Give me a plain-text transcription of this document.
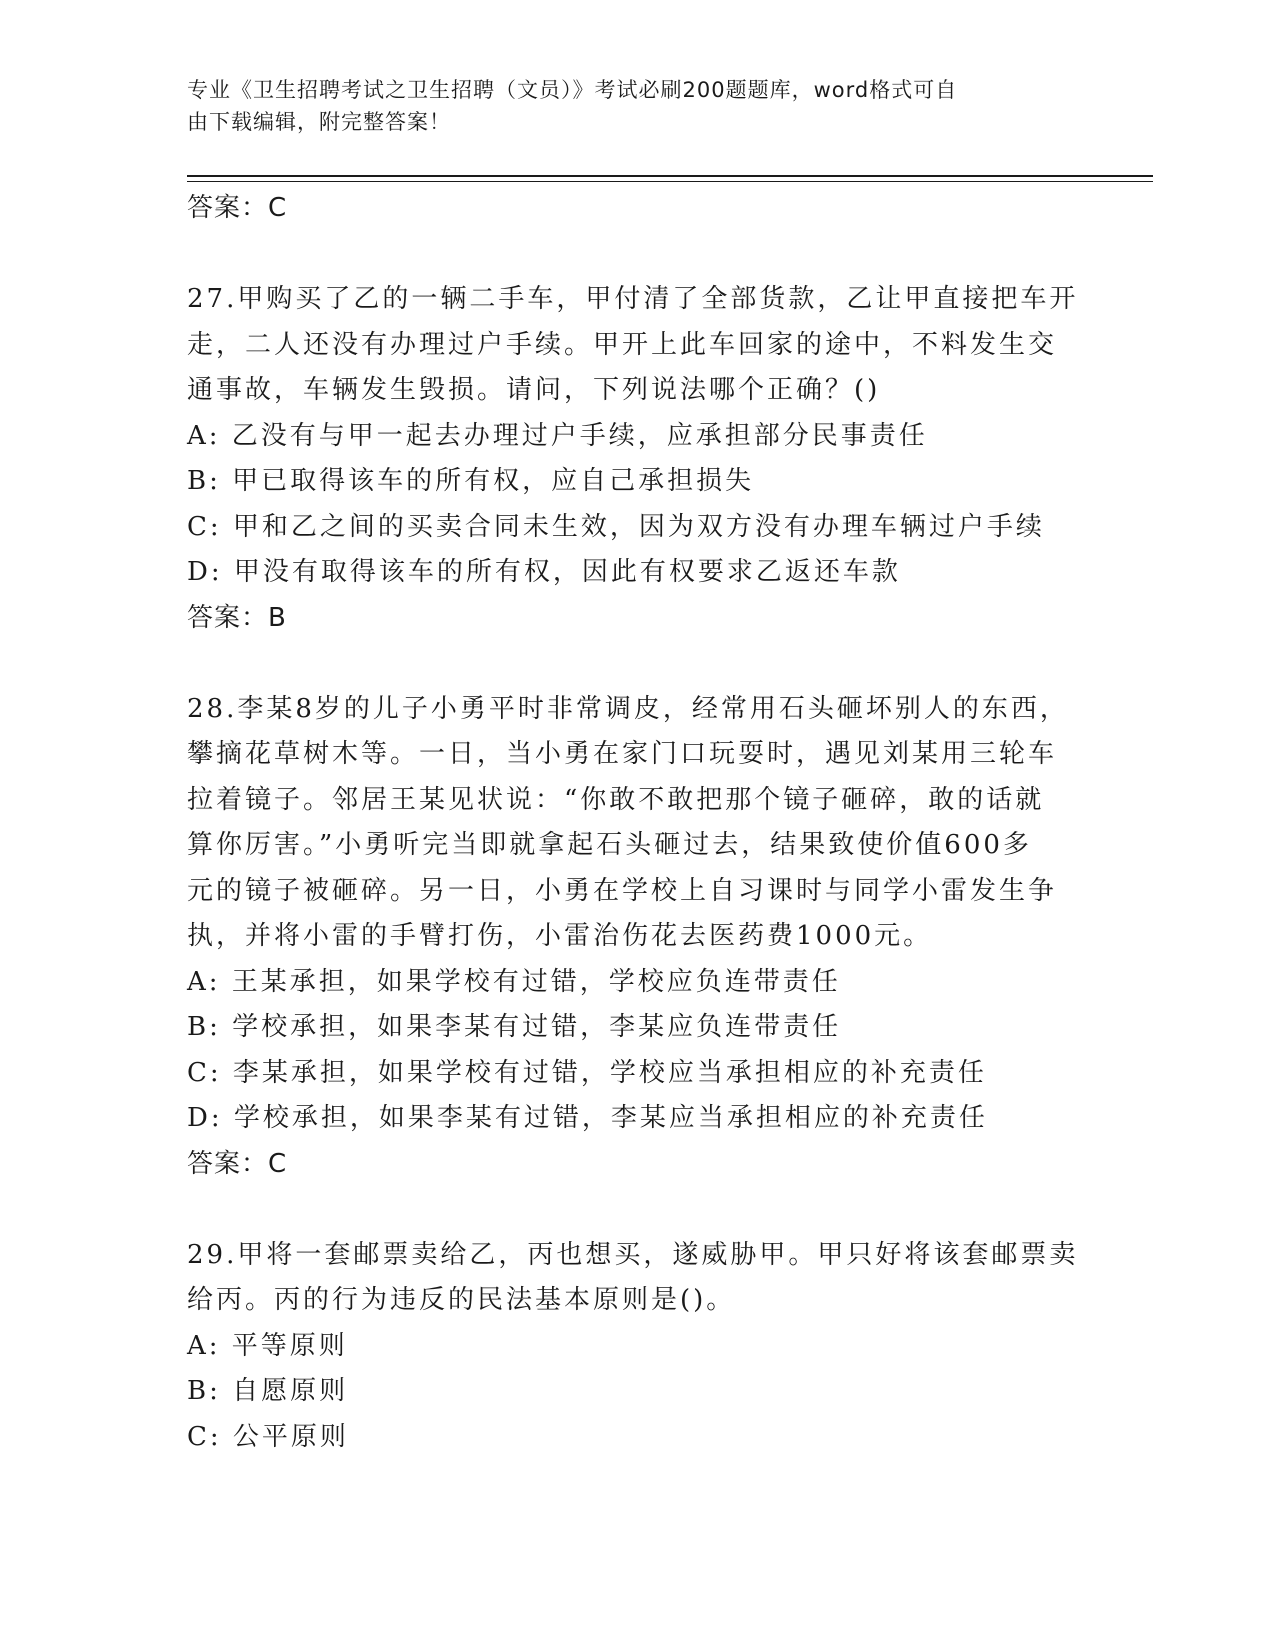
专业《卫生招聘考试之卫生招聘（文员）》考试必刷200题题库，word格式可自
由下载编辑，附完整答案！
答案：C
27.甲购买了乙的一辆二手车，甲付清了全部货款，乙让甲直接把车开
走，二人还没有办理过户手续。甲开上此车回家的途中，不料发生交
通事故，车辆发生毁损。请问，下列说法哪个正确？()
A: 乙没有与甲一起去办理过户手续，应承担部分民事责任
B: 甲已取得该车的所有权，应自己承担损失
C: 甲和乙之间的买卖合同未生效，因为双方没有办理车辆过户手续
D: 甲没有取得该车的所有权，因此有权要求乙返还车款
答案：B
28.李某8岁的儿子小勇平时非常调皮，经常用石头砸坏别人的东西，
攀摘花草树木等。一日，当小勇在家门口玩耍时，遇见刘某用三轮车
拉着镜子。邻居王某见状说：“你敢不敢把那个镜子砸碎，敢的话就
算你厉害。”小勇听完当即就拿起石头砸过去，结果致使价值600多
元的镜子被砸碎。另一日，小勇在学校上自习课时与同学小雷发生争
执，并将小雷的手臂打伤，小雷治伤花去医药费1000元。
A: 王某承担，如果学校有过错，学校应负连带责任
B: 学校承担，如果李某有过错，李某应负连带责任
C: 李某承担，如果学校有过错，学校应当承担相应的补充责任
D: 学校承担，如果李某有过错，李某应当承担相应的补充责任
答案：C
29.甲将一套邮票卖给乙，丙也想买，遂威胁甲。甲只好将该套邮票卖
给丙。丙的行为违反的民法基本原则是()。
A: 平等原则
B: 自愿原则
C: 公平原则
